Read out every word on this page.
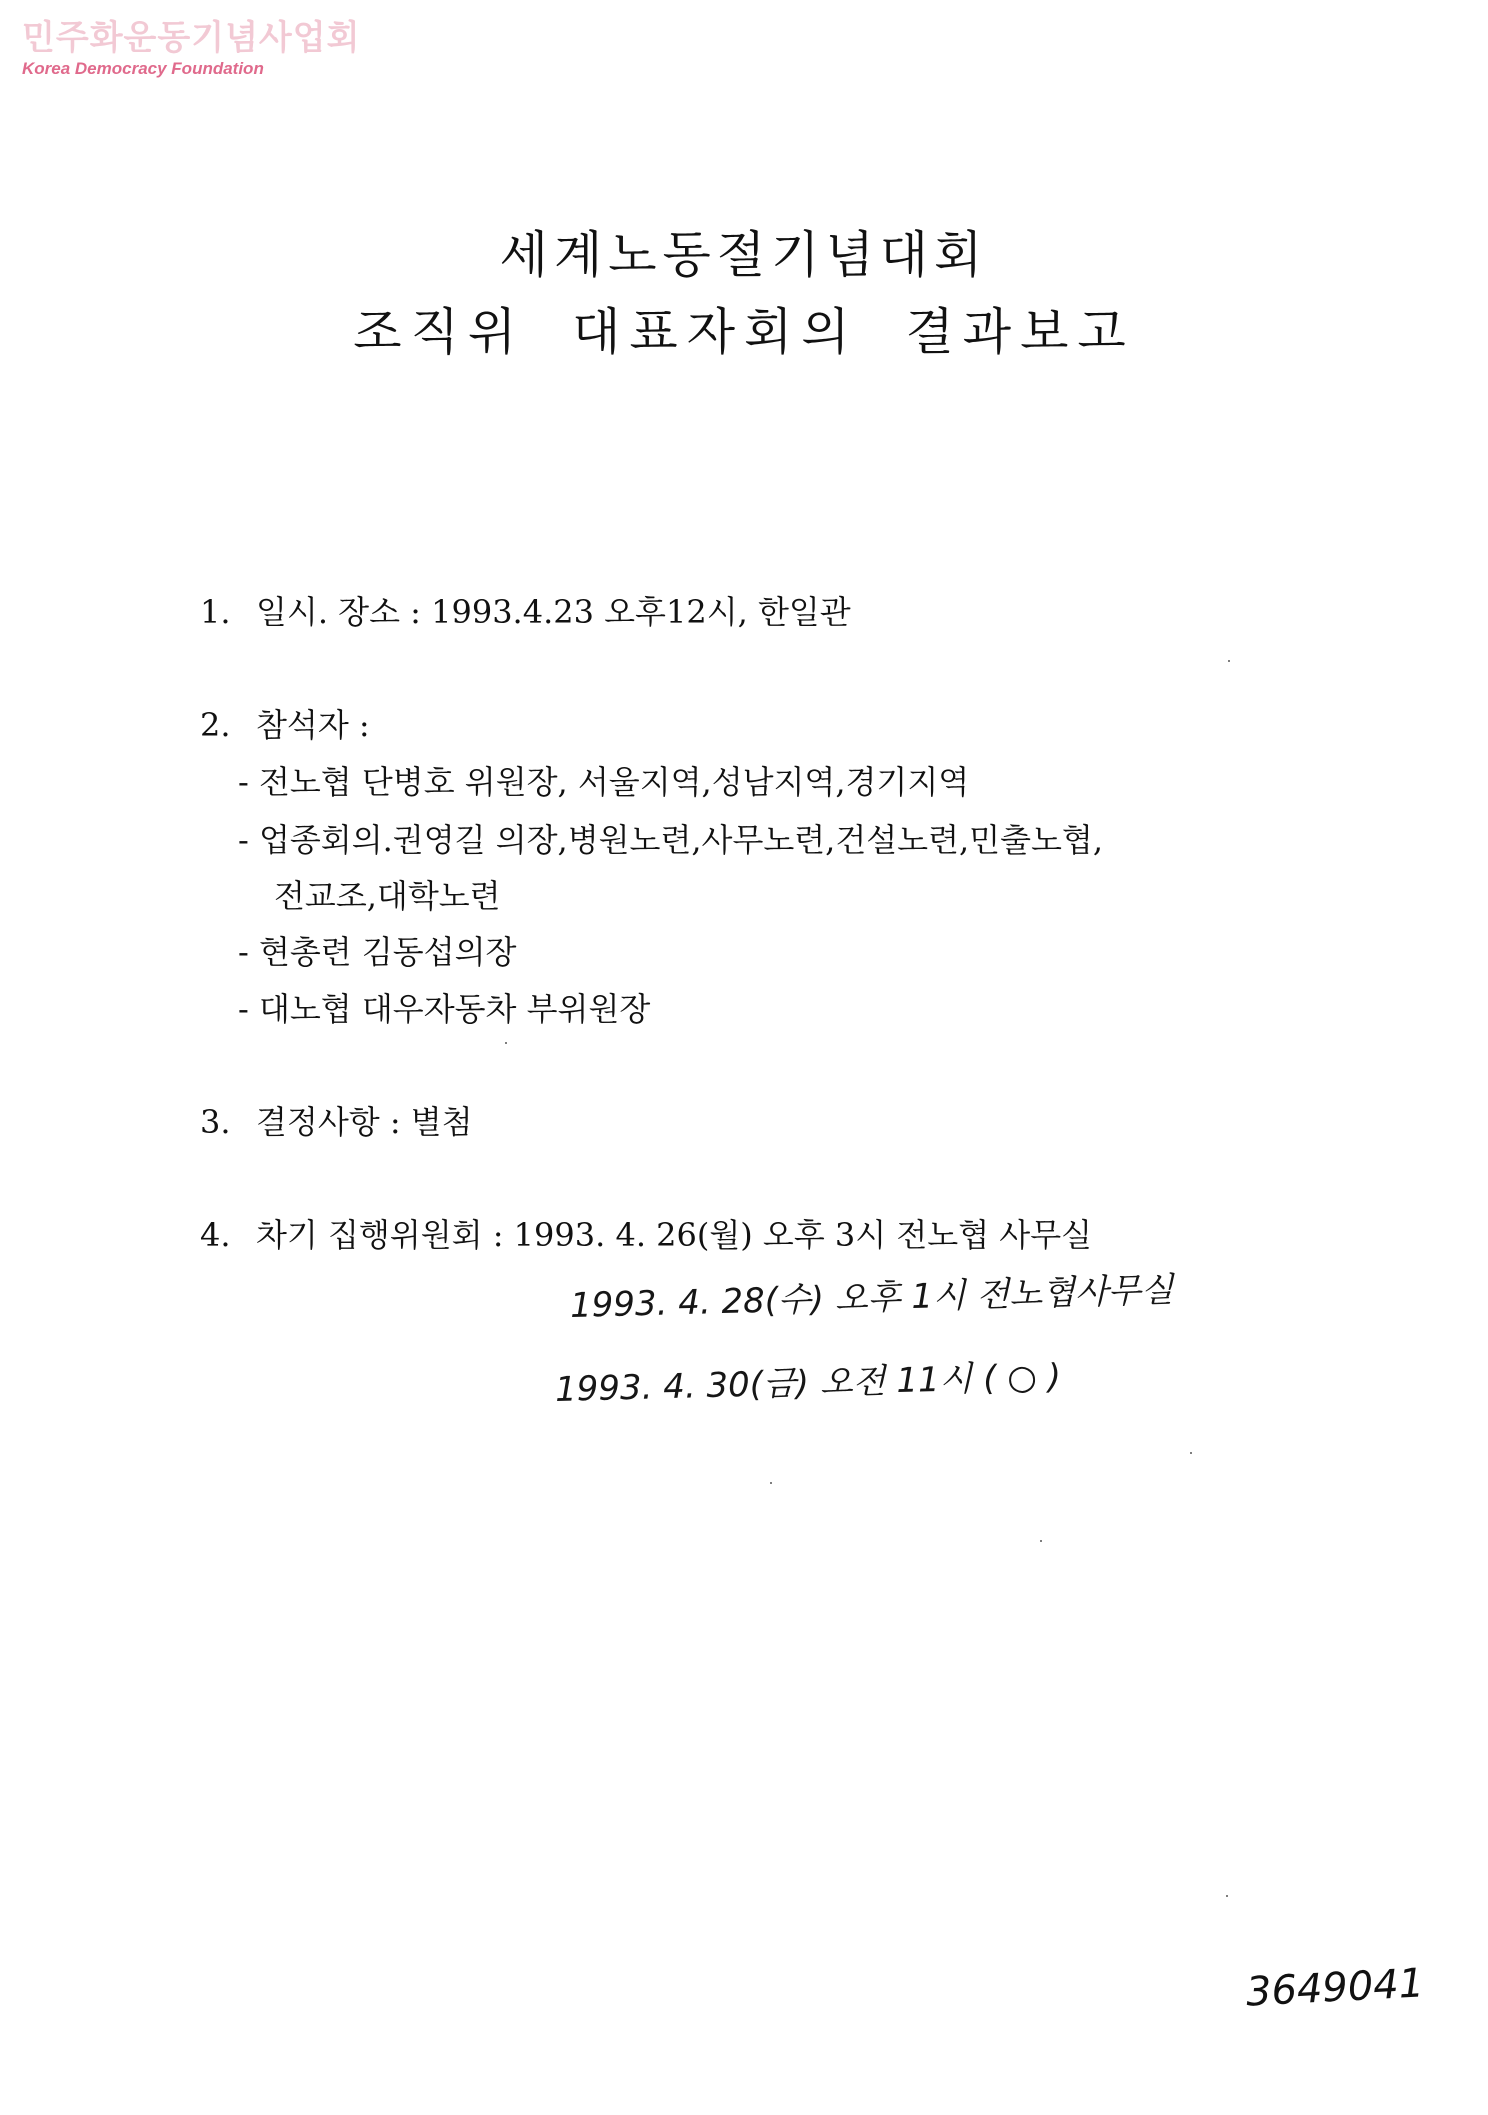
민주화운동기념사업회
Korea Democracy Foundation
세계노동절기념대회
조직위 대표자회의 결과보고
1. 일시. 장소 : 1993.4.23 오후12시, 한일관
2. 참석자 :
- 전노협 단병호 위원장, 서울지역,성남지역,경기지역
- 업종회의.권영길 의장,병원노련,사무노련,건설노련,민출노협,
전교조,대학노련
- 현총련 김동섭의장
- 대노협 대우자동차 부위원장
3. 결정사항 : 별첨
4. 차기 집행위원회 : 1993. 4. 26(월) 오후 3시 전노협 사무실
1993. 4. 28(수) 오후 1시 전노협사무실
1993. 4. 30(금) 오전 11시 ( ○ )
3649041
